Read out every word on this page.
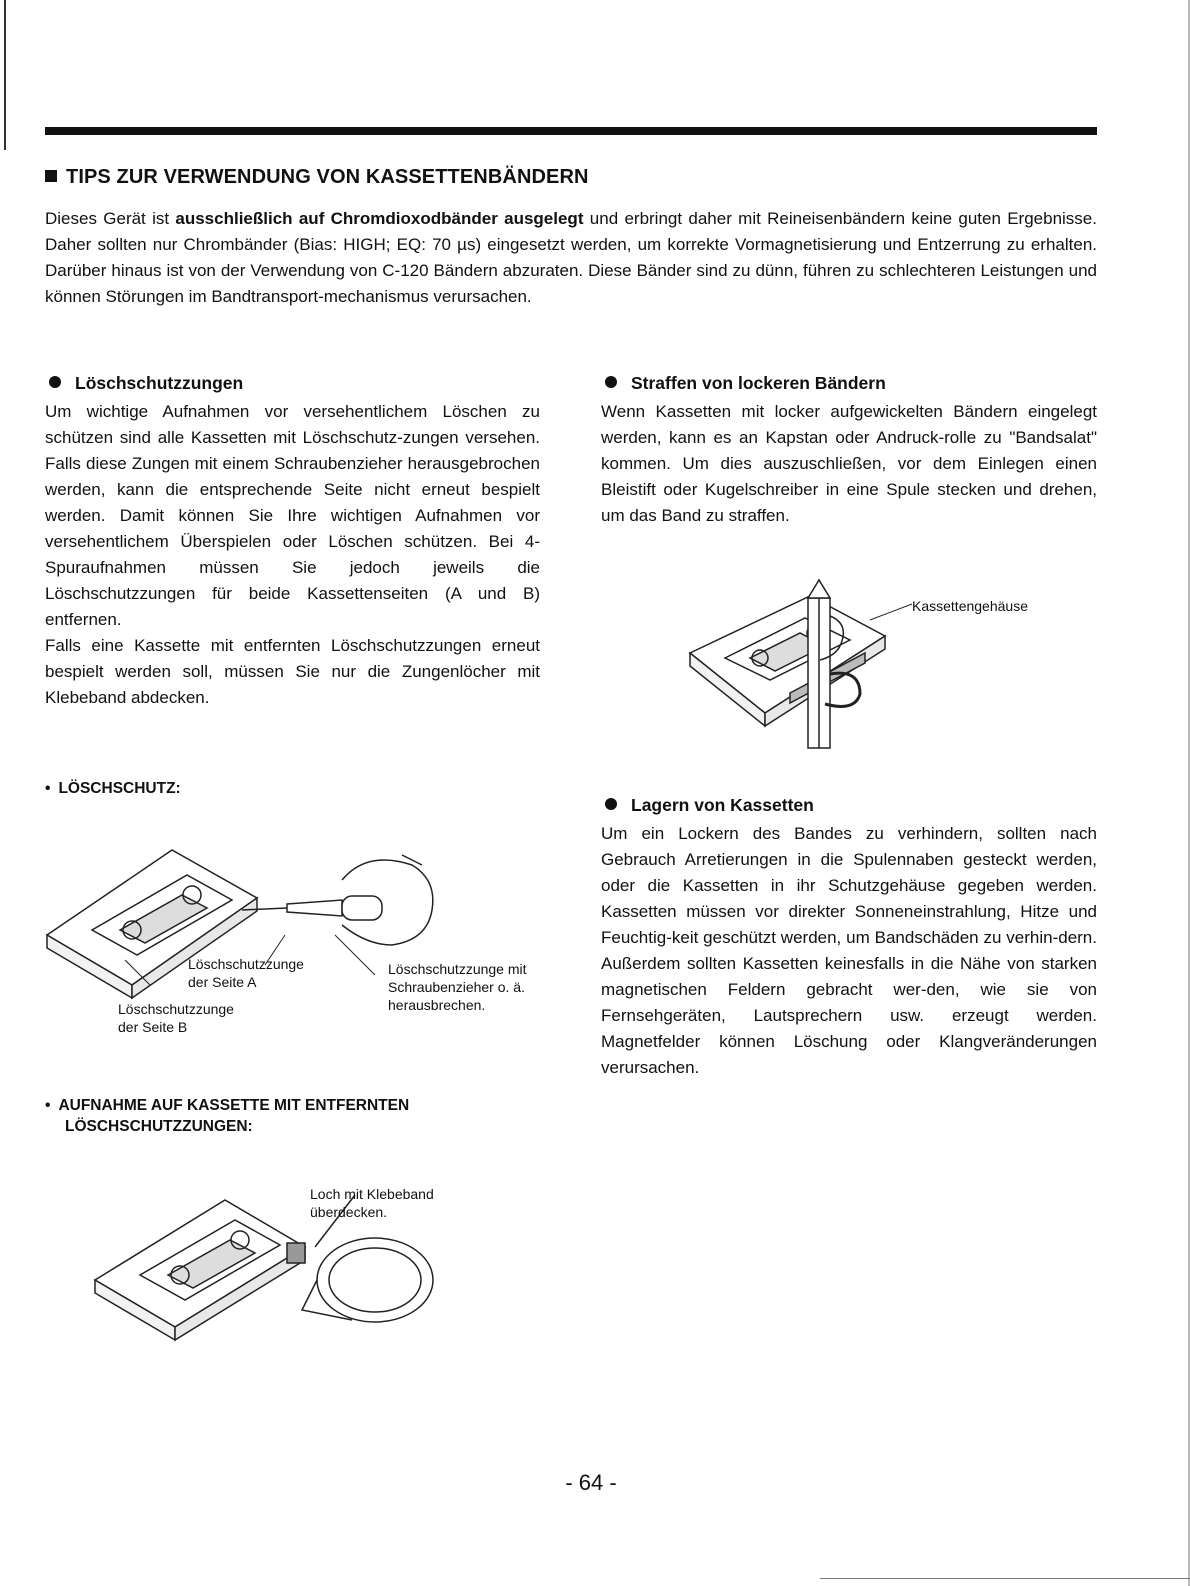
TIPS ZUR VERWENDUNG VON KASSETTENBÄNDERN
Dieses Gerät ist ausschließlich auf Chromdioxodbänder ausgelegt und erbringt daher mit Reineisenbändern keine guten Ergebnisse. Daher sollten nur Chrombänder (Bias: HIGH; EQ: 70 µs) eingesetzt werden, um korrekte Vormagnetisierung und Entzerrung zu erhalten. Darüber hinaus ist von der Verwendung von C-120 Bändern abzuraten. Diese Bänder sind zu dünn, führen zu schlechteren Leistungen und können Störungen im Bandtransport-mechanismus verursachen.
Löschschutzzungen

Um wichtige Aufnahmen vor versehentlichem Löschen zu schützen sind alle Kassetten mit Löschschutz-zungen versehen. Falls diese Zungen mit einem Schraubenzieher herausgebrochen werden, kann die entsprechende Seite nicht erneut bespielt werden. Damit können Sie Ihre wichtigen Aufnahmen vor versehentlichem Überspielen oder Löschen schützen. Bei 4-Spuraufnahmen müssen Sie jedoch jeweils die Löschschutzzungen für beide Kassettenseiten (A und B) entfernen.

Falls eine Kassette mit entfernten Löschschutzzungen erneut bespielt werden soll, müssen Sie nur die Zungenlöcher mit Klebeband abdecken.

Straffen von lockeren Bändern
Wenn Kassetten mit locker aufgewickelten Bändern eingelegt werden, kann es an Kapstan oder Andruck-rolle zu "Bandsalat" kommen. Um dies auszuschließen, vor dem Einlegen einen Bleistift oder Kugelschreiber in eine Spule stecken und drehen, um das Band zu straffen.
Lagern von Kassetten
Um ein Lockern des Bandes zu verhindern, sollten nach Gebrauch Arretierungen in die Spulennaben gesteckt werden, oder die Kassetten in ihr Schutzgehäuse gegeben werden. Kassetten müssen vor direkter Sonneneinstrahlung, Hitze und Feuchtig-keit geschützt werden, um Bandschäden zu verhin-dern. Außerdem sollten Kassetten keinesfalls in die Nähe von starken magnetischen Feldern gebracht wer-den, wie sie von Fernsehgeräten, Lautsprechern usw. erzeugt werden. Magnetfelder können Löschung oder Klangveränderungen verursachen.
Kassettengehäuse
• LÖSCHSCHUTZ:
Löschschutzzunge
der Seite A
Löschschutzzunge
der Seite B
Löschschutzzunge mit
Schraubenzieher o. ä.
herausbrechen.
• AUFNAHME AUF KASSETTE MIT ENTFERNTEN
LÖSCHSCHUTZZUNGEN:
Loch mit Klebeband
überdecken.
- 64 -
